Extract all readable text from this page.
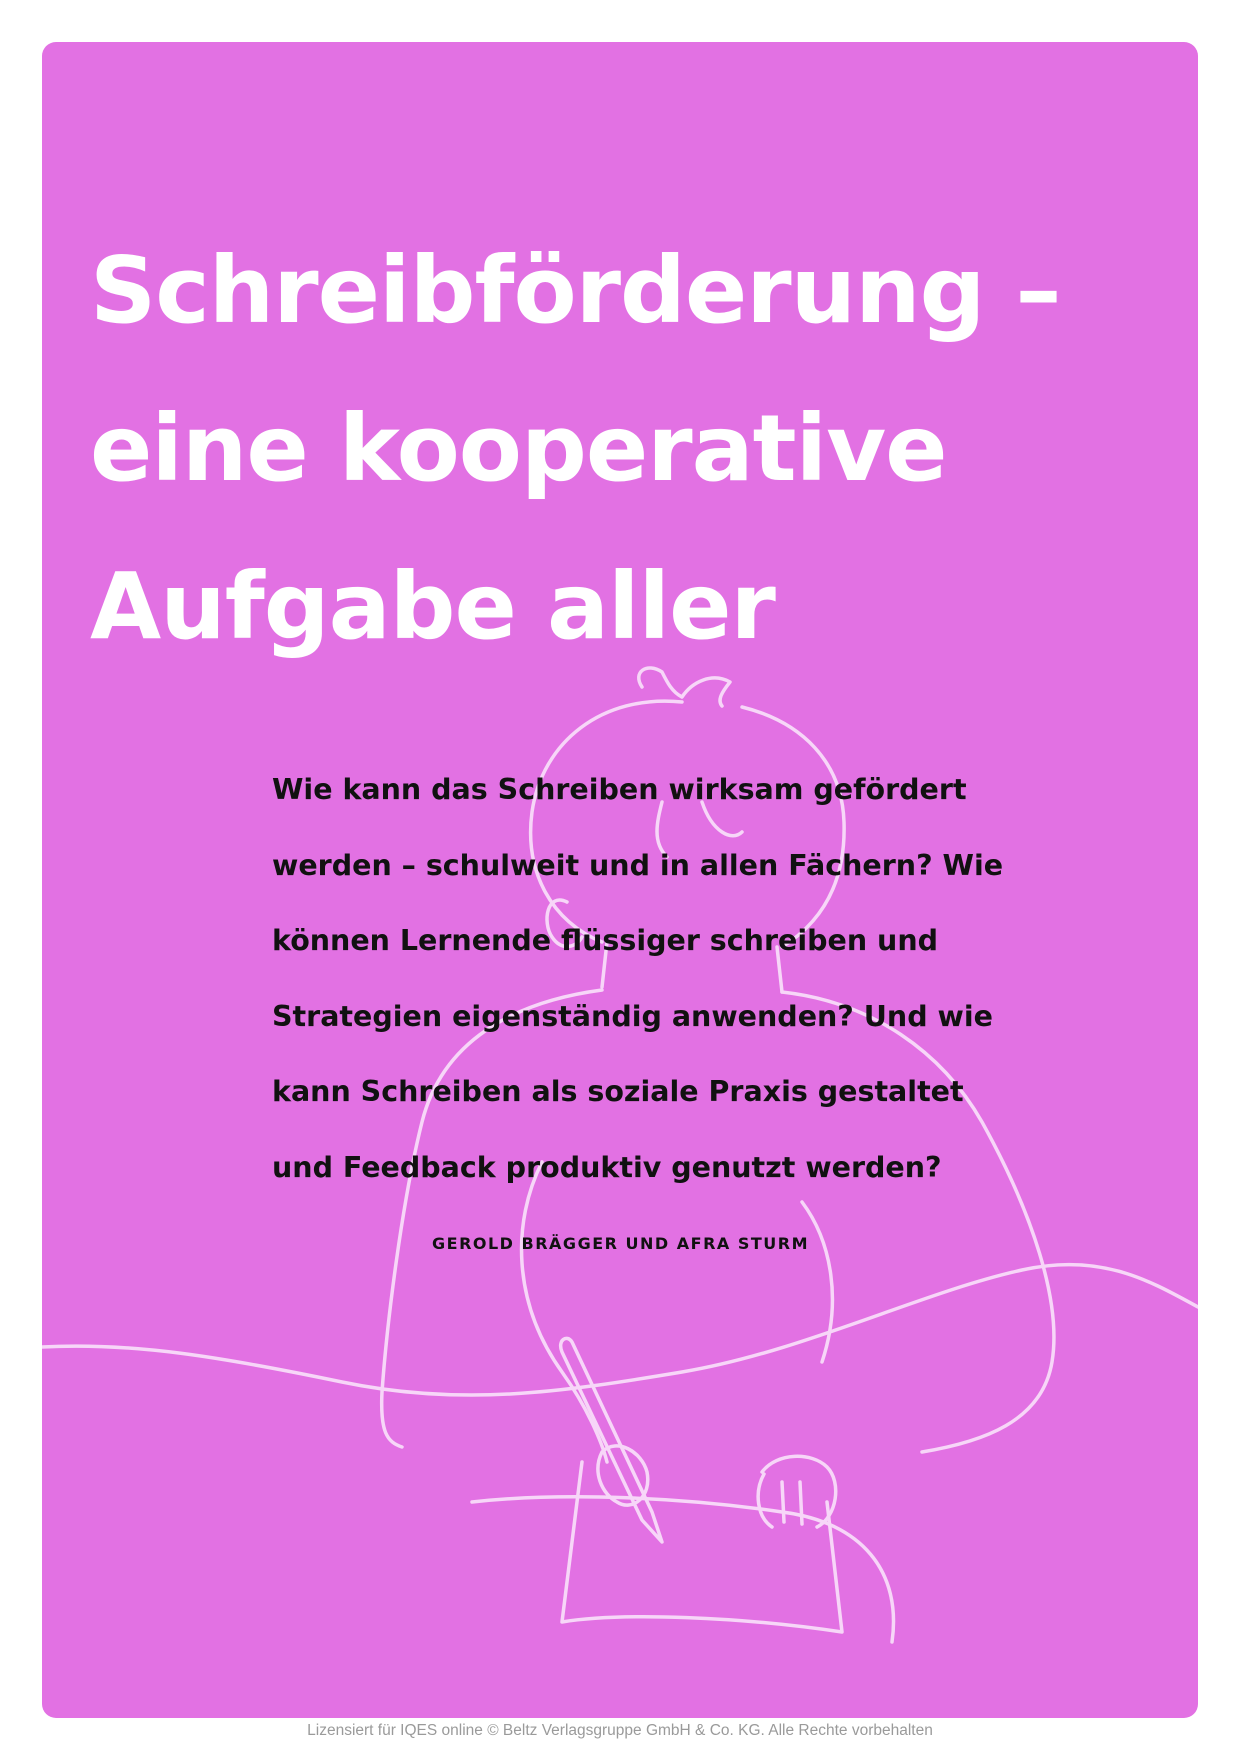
Schreibförderung –
eine kooperative
Aufgabe aller

Wie kann das Schreiben wirksam gefördert
werden – schulweit und in allen Fächern? Wie
können Lernende flüssiger schreiben und
Strategien eigenständig anwenden? Und wie
kann Schreiben als soziale Praxis gestaltet
und Feedback produktiv genutzt werden?

GEROLD BRÄGGER UND AFRA STURM
Lizensiert für IQES online © Beltz Verlagsgruppe GmbH & Co. KG. Alle Rechte vorbehalten
